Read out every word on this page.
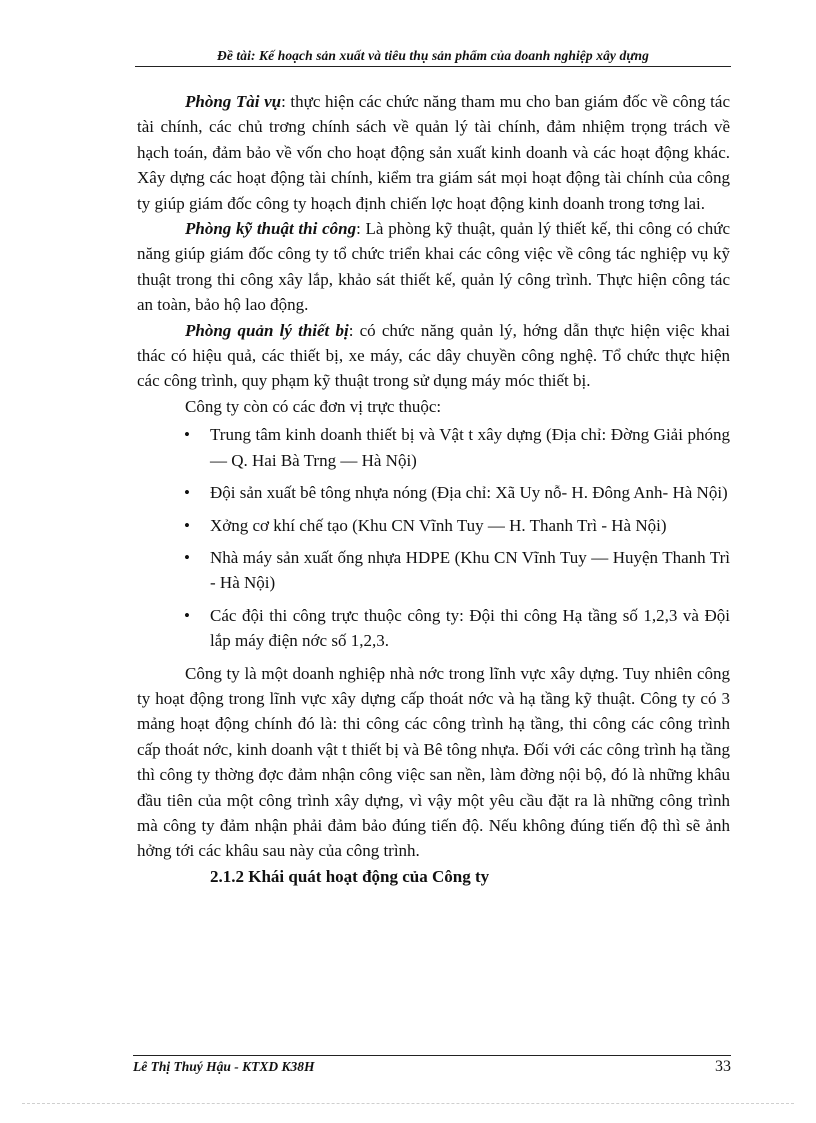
Đề tài: Kế hoạch sản xuất và tiêu thụ sản phẩm của doanh nghiệp xây dựng

Phòng Tài vụ: thực hiện các chức năng tham mu cho ban giám đốc về công tác tài chính, các chủ trơng chính sách về quản lý tài chính, đảm nhiệm trọng trách về hạch toán, đảm bảo về vốn cho hoạt động sản xuất kinh doanh và các hoạt động khác. Xây dựng các hoạt động tài chính, kiểm tra giám sát mọi hoạt động tài chính của công ty giúp giám đốc công ty hoạch định chiến lợc hoạt động kinh doanh trong tơng lai.

Phòng kỹ thuật thi công: Là phòng kỹ thuật, quản lý thiết kế, thi công có chức năng giúp giám đốc công ty tổ chức triển khai các công việc về công tác nghiệp vụ kỹ thuật trong thi công xây lắp, khảo sát thiết kế, quản lý công trình. Thực hiện công tác an toàn, bảo hộ lao động.

Phòng quản lý thiết bị: có chức năng quản lý, hớng dẫn thực hiện việc khai thác có hiệu quả, các thiết bị, xe máy, các dây chuyền công nghệ. Tổ chức thực hiện các công trình, quy phạm kỹ thuật trong sử dụng máy móc thiết bị.

Công ty còn có các đơn vị trực thuộc:

• Trung tâm kinh doanh thiết bị và Vật t xây dựng (Địa chỉ: Đờng Giải phóng — Q. Hai Bà Trng — Hà Nội)
• Đội sản xuất bê tông nhựa nóng (Địa chỉ: Xã Uy nỗ- H. Đông Anh- Hà Nội)
• Xởng cơ khí chế tạo (Khu CN Vĩnh Tuy — H. Thanh Trì - Hà Nội)
• Nhà máy sản xuất ống nhựa HDPE (Khu CN Vĩnh Tuy — Huyện Thanh Trì - Hà Nội)
• Các đội thi công trực thuộc công ty: Đội thi công Hạ tầng số 1,2,3 và Đội lắp máy điện nớc số 1,2,3.

Công ty là một doanh nghiệp nhà nớc trong lĩnh vực xây dựng. Tuy nhiên công ty hoạt động trong lĩnh vực xây dựng cấp thoát nớc và hạ tầng kỹ thuật. Công ty có 3 mảng hoạt động chính đó là: thi công các công trình hạ tầng, thi công các công trình cấp thoát nớc, kinh doanh vật t thiết bị và Bê tông nhựa. Đối với các công trình hạ tầng thì công ty thờng đợc đảm nhận công việc san nền, làm đờng nội bộ, đó là những khâu đầu tiên của một công trình xây dựng, vì vậy một yêu cầu đặt ra là những công trình mà công ty đảm nhận phải đảm bảo đúng tiến độ. Nếu không đúng tiến độ thì sẽ ảnh hởng tới các khâu sau này của công trình.

2.1.2 Khái quát hoạt động của Công ty

Lê Thị Thuý Hậu - KTXD K38H	33
